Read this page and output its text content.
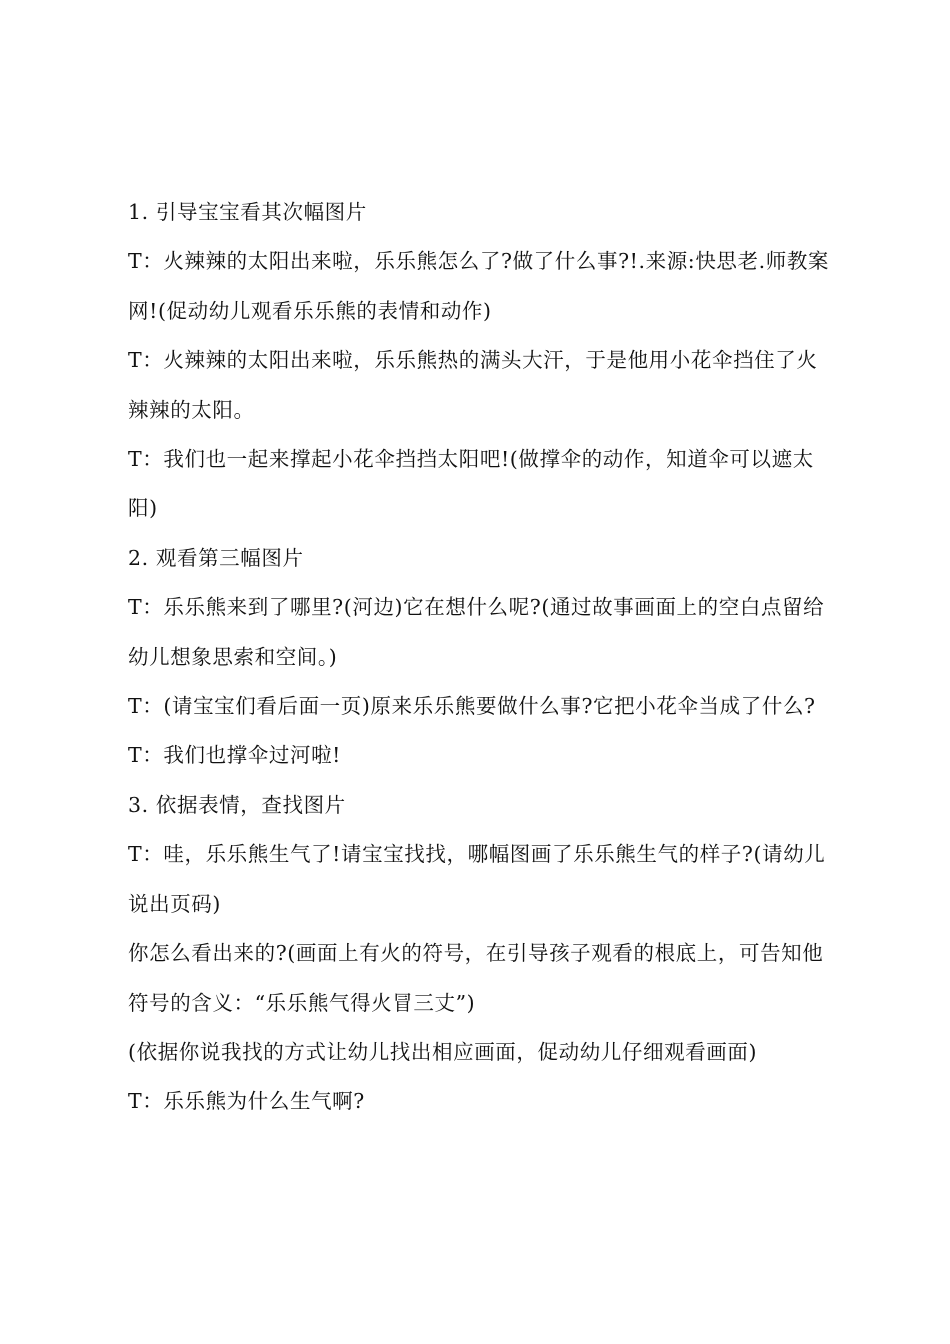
1. 引导宝宝看其次幅图片

T：火辣辣的太阳出来啦，乐乐熊怎么了?做了什么事?!.来源:快思老.师教案网!(促动幼儿观看乐乐熊的表情和动作)

T：火辣辣的太阳出来啦，乐乐熊热的满头大汗，于是他用小花伞挡住了火辣辣的太阳。

T：我们也一起来撑起小花伞挡挡太阳吧!(做撑伞的动作，知道伞可以遮太阳)

2. 观看第三幅图片

T：乐乐熊来到了哪里?(河边)它在想什么呢?(通过故事画面上的空白点留给幼儿想象思索和空间。)

T：(请宝宝们看后面一页)原来乐乐熊要做什么事?它把小花伞当成了什么?

T：我们也撑伞过河啦!

3. 依据表情，查找图片

T：哇，乐乐熊生气了!请宝宝找找，哪幅图画了乐乐熊生气的样子?(请幼儿说出页码)

你怎么看出来的?(画面上有火的符号，在引导孩子观看的根底上，可告知他符号的含义：“乐乐熊气得火冒三丈”)

(依据你说我找的方式让幼儿找出相应画面，促动幼儿仔细观看画面)

T：乐乐熊为什么生气啊?
